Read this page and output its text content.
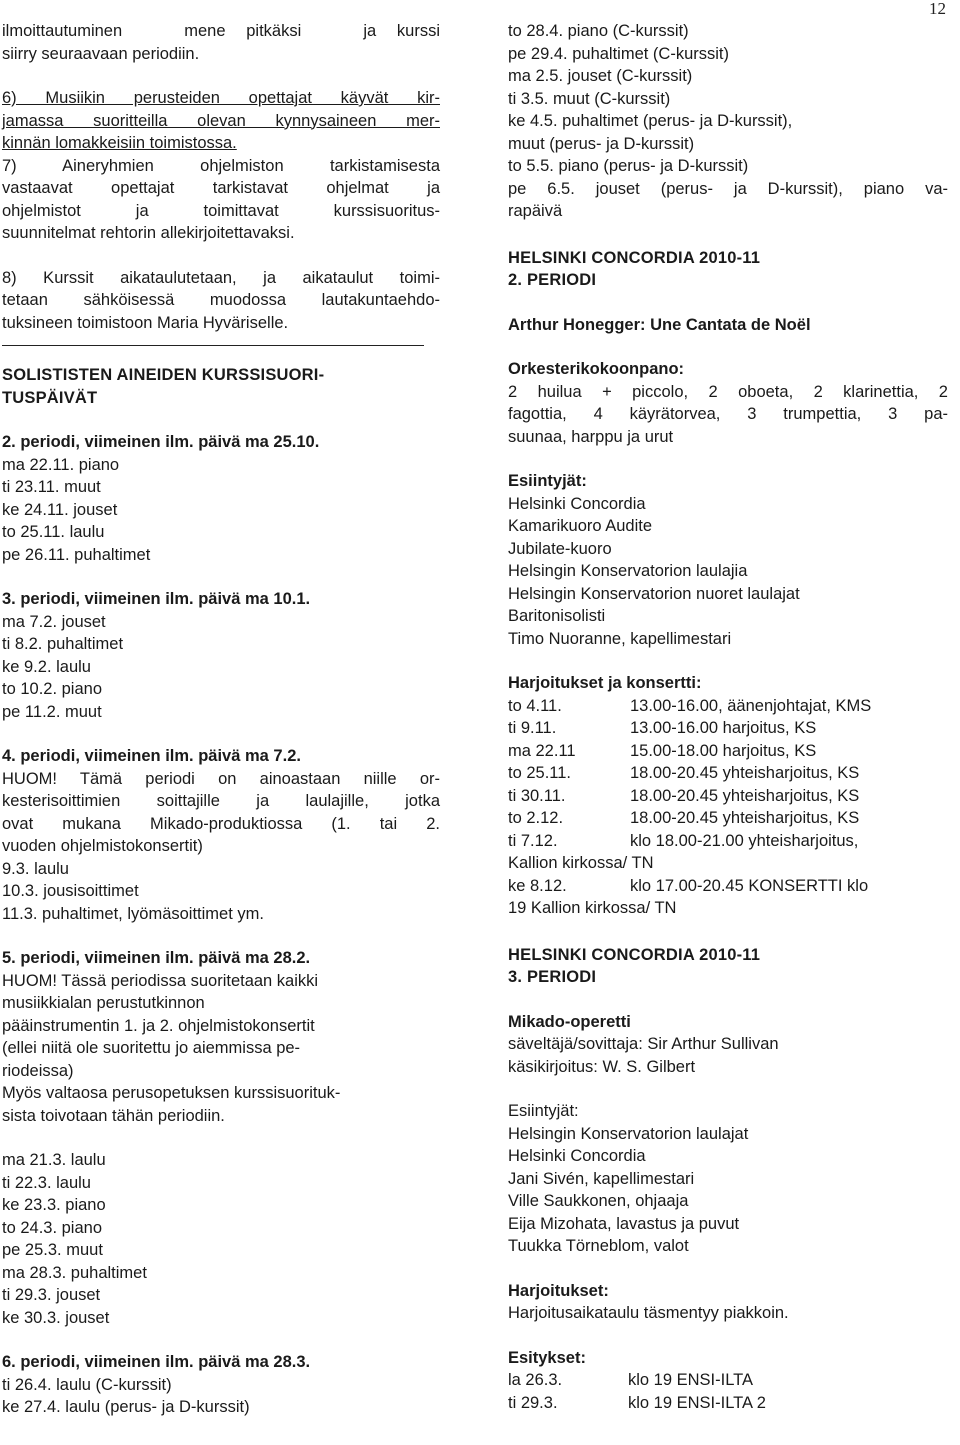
12
ilmoittautuminen   mene pitkäksi   ja kurssi
siirry seuraavaan periodiin.
6) Musiikin perusteiden opettajat käyvät kir-
jamassa suoritteilla olevan kynnysaineen mer-
kinnän lomakkeisiin toimistossa.
7) Aineryhmien ohjelmiston tarkistamisesta
vastaavat opettajat tarkistavat ohjelmat ja
ohjelmistot ja toimittavat kurssisuoritus-
suunnitelmat rehtorin allekirjoitettavaksi.
8) Kurssit aikataulutetaan, ja aikataulut toimi-
tetaan sähköisessä muodossa lautakuntaehdo-
tuksineen toimistoon Maria Hyväriselle.
SOLISTISTEN AINEIDEN KURSSISUORI-
TUSPÄIVÄT
2. periodi, viimeinen ilm. päivä ma 25.10.
ma 22.11. piano
ti 23.11. muut
ke 24.11. jouset
to 25.11. laulu
pe 26.11. puhaltimet
3. periodi, viimeinen ilm. päivä ma 10.1.
ma 7.2. jouset
ti 8.2. puhaltimet
ke 9.2. laulu
to 10.2. piano
pe 11.2. muut
4. periodi, viimeinen ilm. päivä ma 7.2.
HUOM! Tämä periodi on ainoastaan niille or-
kesterisoittimien soittajille ja laulajille, jotka
ovat mukana Mikado-produktiossa (1. tai 2.
vuoden ohjelmistokonsertit)
9.3. laulu
10.3. jousisoittimet
11.3. puhaltimet, lyömäsoittimet ym.
5. periodi, viimeinen ilm. päivä ma 28.2.
HUOM! Tässä periodissa suoritetaan kaikki
musiikkialan perustutkinnon
pääinstrumentin 1. ja 2. ohjelmistokonsertit
(ellei niitä ole suoritettu jo aiemmissa pe-
riodeissa)
Myös valtaosa perusopetuksen kurssisuorituk-
sista toivotaan tähän periodiin.
ma 21.3. laulu
ti 22.3. laulu
ke 23.3. piano
to 24.3. piano
pe 25.3. muut
ma 28.3. puhaltimet
ti 29.3. jouset
ke 30.3. jouset
6. periodi, viimeinen ilm. päivä ma 28.3.
ti 26.4. laulu (C-kurssit)
ke 27.4. laulu (perus- ja D-kurssit)
to 28.4. piano (C-kurssit)
pe 29.4. puhaltimet (C-kurssit)
ma 2.5. jouset (C-kurssit)
ti 3.5. muut (C-kurssit)
ke 4.5. puhaltimet (perus- ja D-kurssit),
muut (perus- ja D-kurssit)
to 5.5. piano (perus- ja D-kurssit)
pe 6.5. jouset (perus- ja D-kurssit), piano va-
rapäivä
HELSINKI CONCORDIA 2010-11
2. PERIODI
Arthur Honegger: Une Cantata de Noël
Orkesterikokoonpano:
2 huilua + piccolo, 2 oboeta, 2 klarinettia, 2
fagottia, 4 käyrätorvea, 3 trumpettia, 3 pa-
suunaa, harppu ja urut
Esiintyjät:
Helsinki Concordia
Kamarikuoro Audite
Jubilate-kuoro
Helsingin Konservatorion laulajia
Helsingin Konservatorion nuoret laulajat
Baritonisolisti
Timo Nuoranne, kapellimestari
Harjoitukset ja konsertti:
to 4.11.	13.00-16.00, äänenjohtajat, KMS
ti 9.11.	13.00-16.00 harjoitus, KS
ma 22.11	15.00-18.00 harjoitus, KS
to 25.11.	18.00-20.45 yhteisharjoitus, KS
ti 30.11.	18.00-20.45 yhteisharjoitus, KS
to 2.12.	18.00-20.45 yhteisharjoitus, KS
ti 7.12.	klo 18.00-21.00 yhteisharjoitus,
Kallion kirkossa/ TN
ke 8.12.	klo 17.00-20.45 KONSERTTI klo
19 Kallion kirkossa/ TN
HELSINKI CONCORDIA 2010-11
3. PERIODI
Mikado-operetti
säveltäjä/sovittaja: Sir Arthur Sullivan
käsikirjoitus: W. S. Gilbert
Esiintyjät:
Helsingin Konservatorion laulajat
Helsinki Concordia
Jani Sivén, kapellimestari
Ville Saukkonen, ohjaaja
Eija Mizohata, lavastus ja puvut
Tuukka Törneblom, valot
Harjoitukset:
Harjoitusaikataulu täsmentyy piakkoin.
Esitykset:
la 26.3.	klo 19 ENSI-ILTA
ti 29.3.	klo 19 ENSI-ILTA 2
